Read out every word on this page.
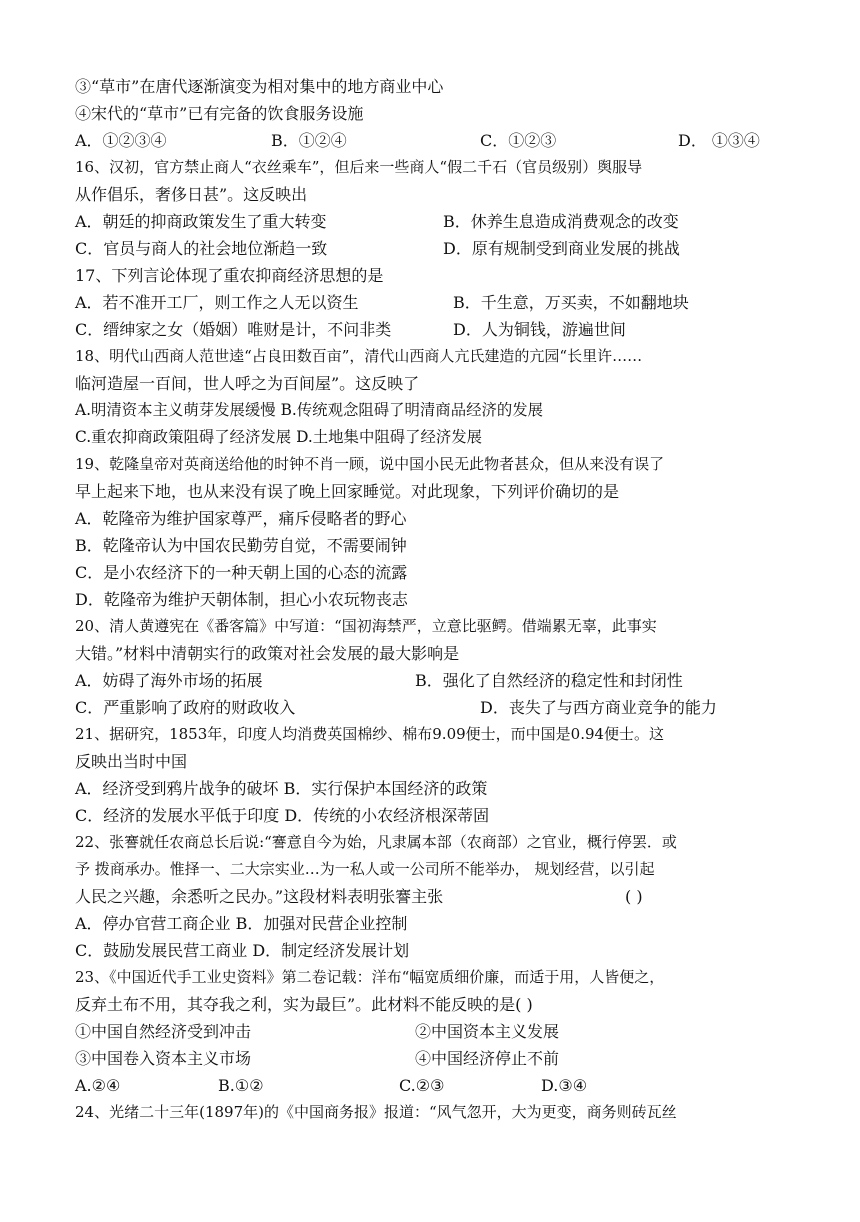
③“草市”在唐代逐渐演变为相对集中的地方商业中心
④宋代的“草市”已有完备的饮食服务设施
A．①②③④	B．①②④	C．①②③	D． ①③④
16、汉初，官方禁止商人“衣丝乘车”，但后来一些商人“假二千石（官员级别）舆服导
从作倡乐，奢侈日甚”。这反映出
A．朝廷的抑商政策发生了重大转变	B．休养生息造成消费观念的改变
C．官员与商人的社会地位渐趋一致	D．原有规制受到商业发展的挑战
17、下列言论体现了重农抑商经济思想的是
A．若不准开工厂，则工作之人无以资生	B．千生意，万买卖，不如翻地块
C．缙绅家之女（婚姻）唯财是计，不问非类	D．人为铜钱，游遍世间
18、明代山西商人范世逵“占良田数百亩”，清代山西商人亢氏建造的亢园“长里许……
临河造屋一百间，世人呼之为百间屋”。这反映了
A.明清资本主义萌芽发展缓慢 B.传统观念阻碍了明清商品经济的发展
C.重农抑商政策阻碍了经济发展 D.土地集中阻碍了经济发展
19、乾隆皇帝对英商送给他的时钟不肖一顾，说中国小民无此物者甚众，但从来没有误了
早上起来下地，也从来没有误了晚上回家睡觉。对此现象，下列评价确切的是
A．乾隆帝为维护国家尊严，痛斥侵略者的野心
B．乾隆帝认为中国农民勤劳自觉，不需要闹钟
C．是小农经济下的一种天朝上国的心态的流露
D．乾隆帝为维护天朝体制，担心小农玩物丧志
20、清人黄遵宪在《番客篇》中写道：“国初海禁严，立意比驱鳄。借端累无辜，此事实
大错。”材料中清朝实行的政策对社会发展的最大影响是
A．妨碍了海外市场的拓展	B．强化了自然经济的稳定性和封闭性
C．严重影响了政府的财政收入	D．丧失了与西方商业竞争的能力
21、据研究，1853年，印度人均消费英国棉纱、棉布9.09便士，而中国是0.94便士。这
反映出当时中国
A．经济受到鸦片战争的破坏 B．实行保护本国经济的政策
C．经济的发展水平低于印度 D．传统的小农经济根深蒂固
22、张謇就任农商总长后说:“謇意自今为始，凡隶属本部（农商部）之官业，概行停罢．或
予 拨商承办。惟择一、二大宗实业…为一私人或一公司所不能举办， 规划经营，以引起
人民之兴趣，余悉听之民办。”这段材料表明张謇主张	( )
A．停办官营工商企业 B．加强对民营企业控制
C．鼓励发展民营工商业 D．制定经济发展计划
23、《中国近代手工业史资料》第二卷记载：洋布“幅宽质细价廉，而适于用，人皆便之，
反弃土布不用，其夺我之利，实为最巨”。此材料不能反映的是( )
①中国自然经济受到冲击	②中国资本主义发展
③中国卷入资本主义市场	④中国经济停止不前
A.②④	B.①②	C.②③	D.③④
24、光绪二十三年(1897年)的《中国商务报》报道：“风气忽开，大为更变，商务则砖瓦丝
